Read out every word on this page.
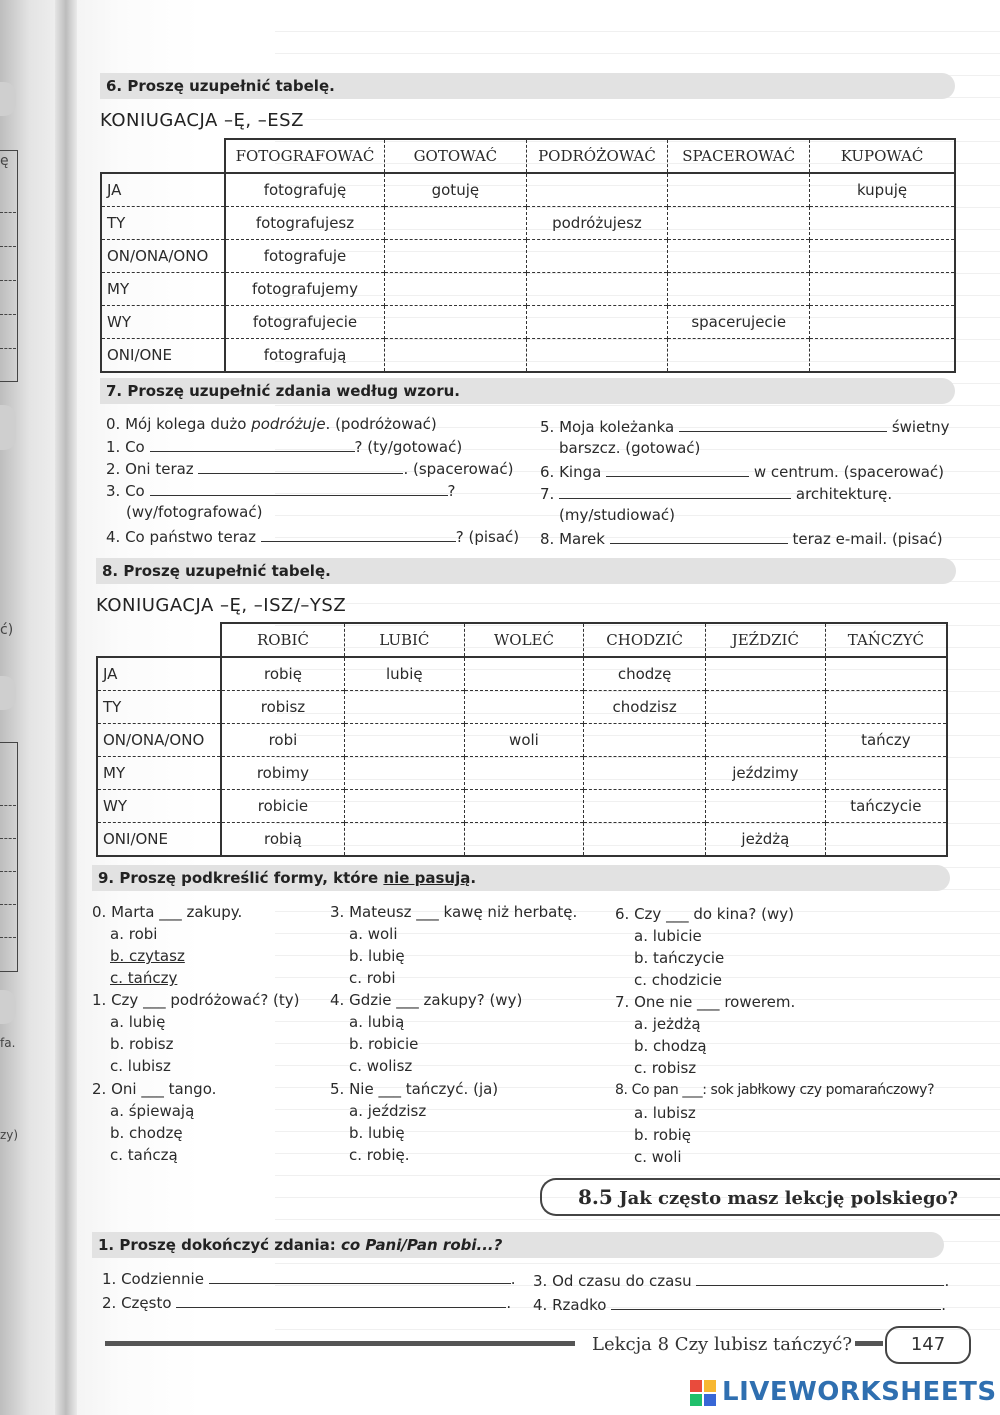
ę
ć)
fa.
zy)
6. Proszę uzupełnić tabelę.
KONIUGACJA –Ę, –ESZ
	FOTOGRAFOWAĆ	GOTOWAĆ	PODRÓŻOWAĆ	SPACEROWAĆ	KUPOWAĆ
JA	fotografuję	gotuję			kupuję
TY	fotografujesz		podróżujesz		
ON/ONA/ONO	fotografuje				
MY	fotografujemy				
WY	fotografujecie			spacerujecie	
ONI/ONE	fotografują				
7. Proszę uzupełnić zdania według wzoru.
0. Mój kolega dużo podróżuje. (podróżować)
1. Co	? (ty/gotować)
2. Oni teraz	. (spacerować)
3. Co	?
(wy/fotografować)
4. Co państwo teraz	? (pisać)
5. Moja koleżanka	świetny
barszcz. (gotować)
6. Kinga	w centrum. (spacerować)
7.	architekturę.
(my/studiować)
8. Marek	teraz e-mail. (pisać)
8. Proszę uzupełnić tabelę.
KONIUGACJA –Ę, –ISZ/–YSZ
	ROBIĆ	LUBIĆ	WOLEĆ	CHODZIĆ	JEŹDZIĆ	TAŃCZYĆ
JA	robię	lubię		chodzę		
TY	robisz			chodzisz		
ON/ONA/ONO	robi		woli			tańczy
MY	robimy				jeździmy	
WY	robicie					tańczycie
ONI/ONE	robią				jeżdżą	
9. Proszę podkreślić formy, które nie pasują.
0. Marta ___ zakupy.
a. robi
b. czytasz
c. tańczy
1. Czy ___ podróżować? (ty)
a. lubię
b. robisz
c. lubisz
2. Oni ___ tango.
a. śpiewają
b. chodzę
c. tańczą
3. Mateusz ___ kawę niż herbatę.
a. woli
b. lubię
c. robi
4. Gdzie ___ zakupy? (wy)
a. lubią
b. robicie
c. wolisz
5. Nie ___ tańczyć. (ja)
a. jeździsz
b. lubię
c. robię.
6. Czy ___ do kina? (wy)
a. lubicie
b. tańczycie
c. chodzicie
7. One nie ___ rowerem.
a. jeżdżą
b. chodzą
c. robisz
8. Co pan ___: sok jabłkowy czy pomarańczowy?
a. lubisz
b. robię
c. woli
8.5 Jak często masz lekcję polskiego?
1. Proszę dokończyć zdania: co Pani/Pan robi...?
1. Codziennie	.
2. Często	.
3. Od czasu do czasu	.
4. Rzadko	.
Lekcja 8 Czy lubisz tańczyć?	147
LIVEWORKSHEETS
